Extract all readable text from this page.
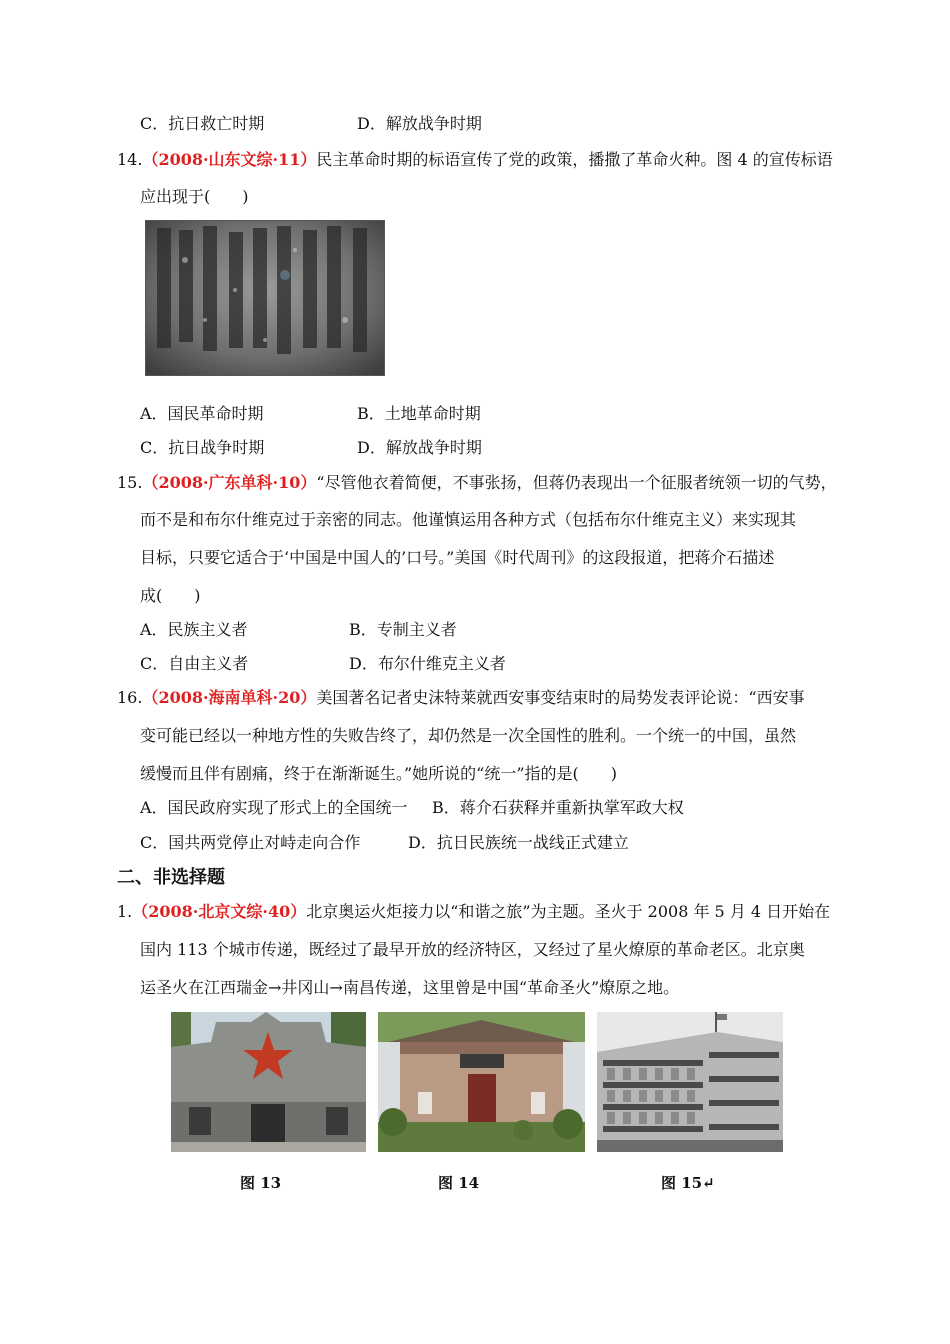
C．抗日救亡时期	D．解放战争时期
14.（2008·山东文综·11）民主革命时期的标语宣传了党的政策，播撒了革命火种。图 4 的宣传标语
应出现于(　　)
A．国民革命时期	B．土地革命时期
C．抗日战争时期	D．解放战争时期
15.（2008·广东单科·10）“尽管他衣着简便，不事张扬，但蒋仍表现出一个征服者统领一切的气势，
而不是和布尔什维克过于亲密的同志。他谨慎运用各种方式（包括布尔什维克主义）来实现其
目标，只要它适合于‘中国是中国人的’口号。”美国《时代周刊》的这段报道，把蒋介石描述
成(　　)
A．民族主义者	B．专制主义者
C．自由主义者	D．布尔什维克主义者
16.（2008·海南单科·20）美国著名记者史沫特莱就西安事变结束时的局势发表评论说：“西安事
变可能已经以一种地方性的失败告终了，却仍然是一次全国性的胜利。一个统一的中国，虽然
缓慢而且伴有剧痛，终于在渐渐诞生。”她所说的“统一”指的是(　　)
A．国民政府实现了形式上的全国统一 B．蒋介石获释并重新执掌军政大权
C．国共两党停止对峙走向合作	D．抗日民族统一战线正式建立
二、非选择题
1.（2008·北京文综·40）北京奥运火炬接力以“和谐之旅”为主题。圣火于 2008 年 5 月 4 日开始在
国内 113 个城市传递，既经过了最早开放的经济特区，又经过了星火燎原的革命老区。北京奥
运圣火在江西瑞金→井冈山→南昌传递，这里曾是中国“革命圣火”燎原之地。
图 13	图 14	图 15↵
